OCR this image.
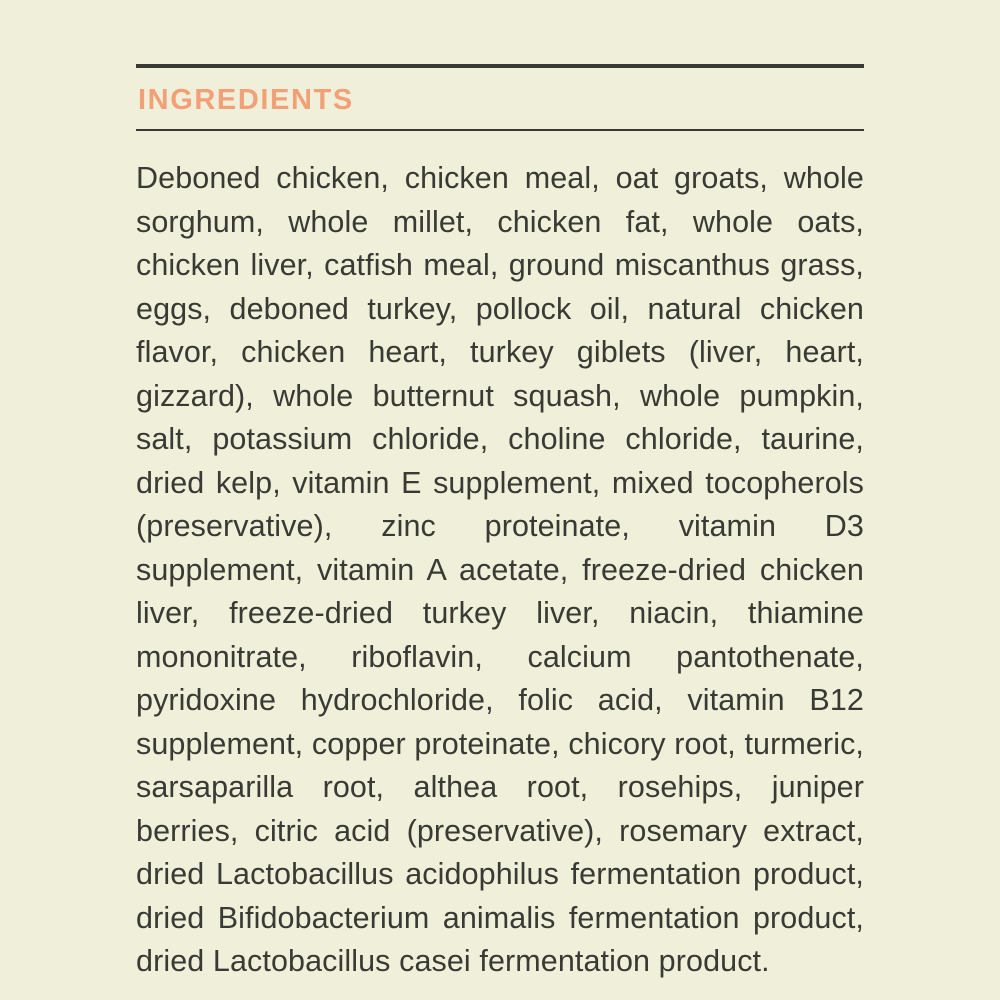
INGREDIENTS
Deboned chicken, chicken meal, oat groats, whole sorghum, whole millet, chicken fat, whole oats, chicken liver, catfish meal, ground miscanthus grass, eggs, deboned turkey, pollock oil, natural chicken flavor, chicken heart, turkey giblets (liver, heart, gizzard), whole butternut squash, whole pumpkin, salt, potassium chloride, choline chloride, taurine, dried kelp, vitamin E supplement, mixed tocopherols (preservative), zinc proteinate, vitamin D3 supplement, vitamin A acetate, freeze-dried chicken liver, freeze-dried turkey liver, niacin, thiamine mononitrate, riboflavin, calcium pantothenate, pyridoxine hydrochloride, folic acid, vitamin B12 supplement, copper proteinate, chicory root, turmeric, sarsaparilla root, althea root, rosehips, juniper berries, citric acid (preservative), rosemary extract, dried Lactobacillus acidophilus fermentation product, dried Bifidobacterium animalis fermentation product, dried Lactobacillus casei fermentation product.
